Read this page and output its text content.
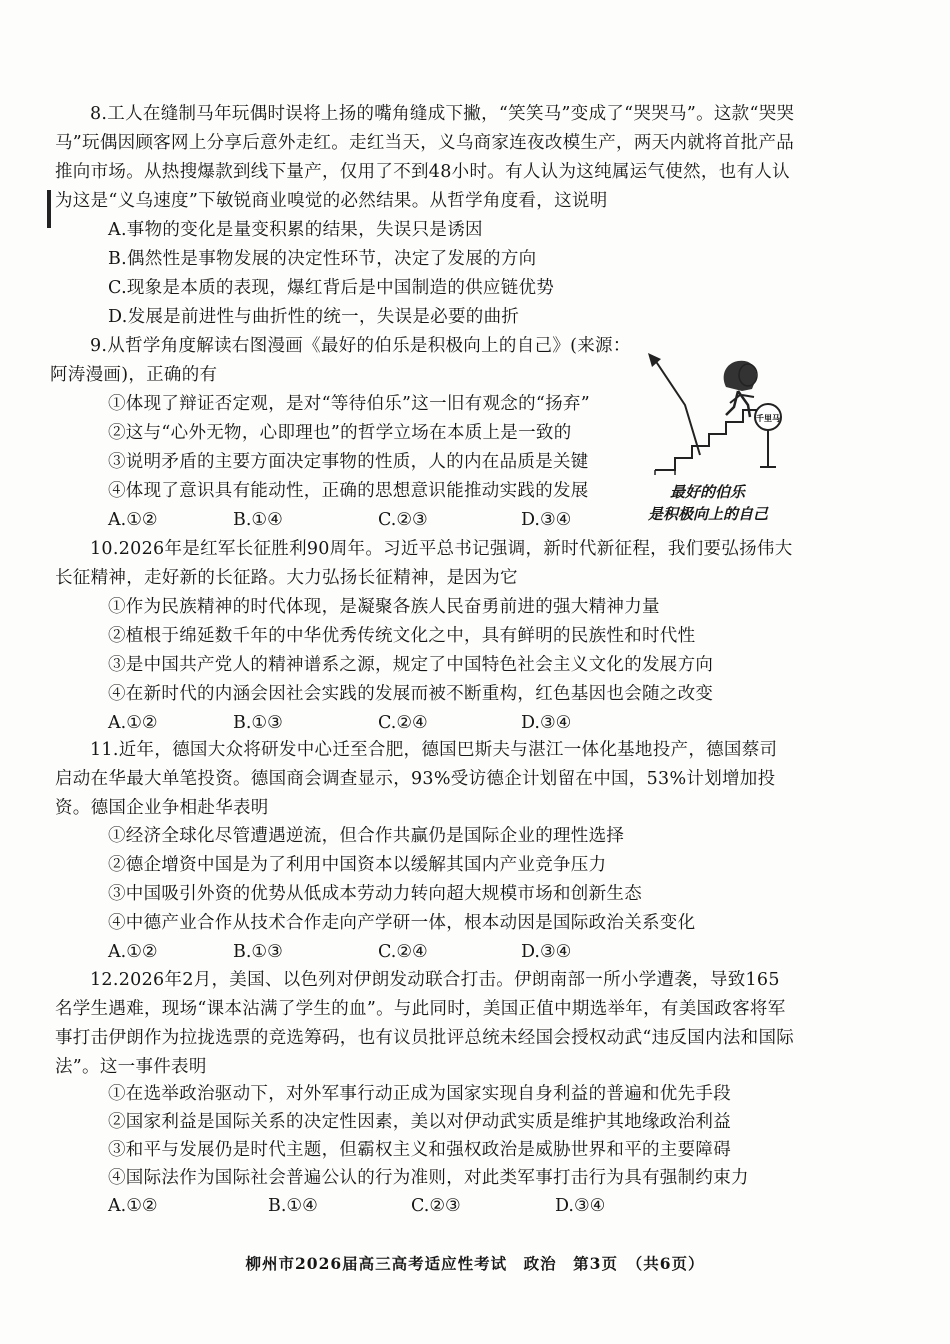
8.工人在缝制马年玩偶时误将上扬的嘴角缝成下撇，“笑笑马”变成了“哭哭马”。这款“哭哭马”玩偶因顾客网上分享后意外走红。走红当天，义乌商家连夜改模生产，两天内就将首批产品推向市场。从热搜爆款到线下量产，仅用了不到48小时。有人认为这纯属运气使然，也有人认为这是“义乌速度”下敏锐商业嗅觉的必然结果。从哲学角度看，这说明
A.事物的变化是量变积累的结果，失误只是诱因
B.偶然性是事物发展的决定性环节，决定了发展的方向
C.现象是本质的表现，爆红背后是中国制造的供应链优势
D.发展是前进性与曲折性的统一，失误是必要的曲折
9.从哲学角度解读右图漫画《最好的伯乐是积极向上的自己》(来源：
阿涛漫画)，正确的有
①体现了辩证否定观，是对“等待伯乐”这一旧有观念的“扬弃”
②这与“心外无物，心即理也”的哲学立场在本质上是一致的
③说明矛盾的主要方面决定事物的性质，人的内在品质是关键
④体现了意识具有能动性，正确的思想意识能推动实践的发展
A.①②	B.①④	C.②③	D.③④
千里马
最好的伯乐
是积极向上的自己
10.2026年是红军长征胜利90周年。习近平总书记强调，新时代新征程，我们要弘扬伟大长征精神，走好新的长征路。大力弘扬长征精神，是因为它
①作为民族精神的时代体现，是凝聚各族人民奋勇前进的强大精神力量
②植根于绵延数千年的中华优秀传统文化之中，具有鲜明的民族性和时代性
③是中国共产党人的精神谱系之源，规定了中国特色社会主义文化的发展方向
④在新时代的内涵会因社会实践的发展而被不断重构，红色基因也会随之改变
A.①②	B.①③	C.②④	D.③④
11.近年，德国大众将研发中心迁至合肥，德国巴斯夫与湛江一体化基地投产，德国蔡司启动在华最大单笔投资。德国商会调查显示，93%受访德企计划留在中国，53%计划增加投资。德国企业争相赴华表明
①经济全球化尽管遭遇逆流，但合作共赢仍是国际企业的理性选择
②德企增资中国是为了利用中国资本以缓解其国内产业竞争压力
③中国吸引外资的优势从低成本劳动力转向超大规模市场和创新生态
④中德产业合作从技术合作走向产学研一体，根本动因是国际政治关系变化
A.①②	B.①③	C.②④	D.③④
12.2026年2月，美国、以色列对伊朗发动联合打击。伊朗南部一所小学遭袭，导致165名学生遇难，现场“课本沾满了学生的血”。与此同时，美国正值中期选举年，有美国政客将军事打击伊朗作为拉拢选票的竞选筹码，也有议员批评总统未经国会授权动武“违反国内法和国际法”。这一事件表明
①在选举政治驱动下，对外军事行动正成为国家实现自身利益的普遍和优先手段
②国家利益是国际关系的决定性因素，美以对伊动武实质是维护其地缘政治利益
③和平与发展仍是时代主题，但霸权主义和强权政治是威胁世界和平的主要障碍
④国际法作为国际社会普遍公认的行为准则，对此类军事打击行为具有强制约束力
A.①②	B.①④	C.②③	D.③④
柳州市2026届高三高考适应性考试　政治　第3页　（共6页）
